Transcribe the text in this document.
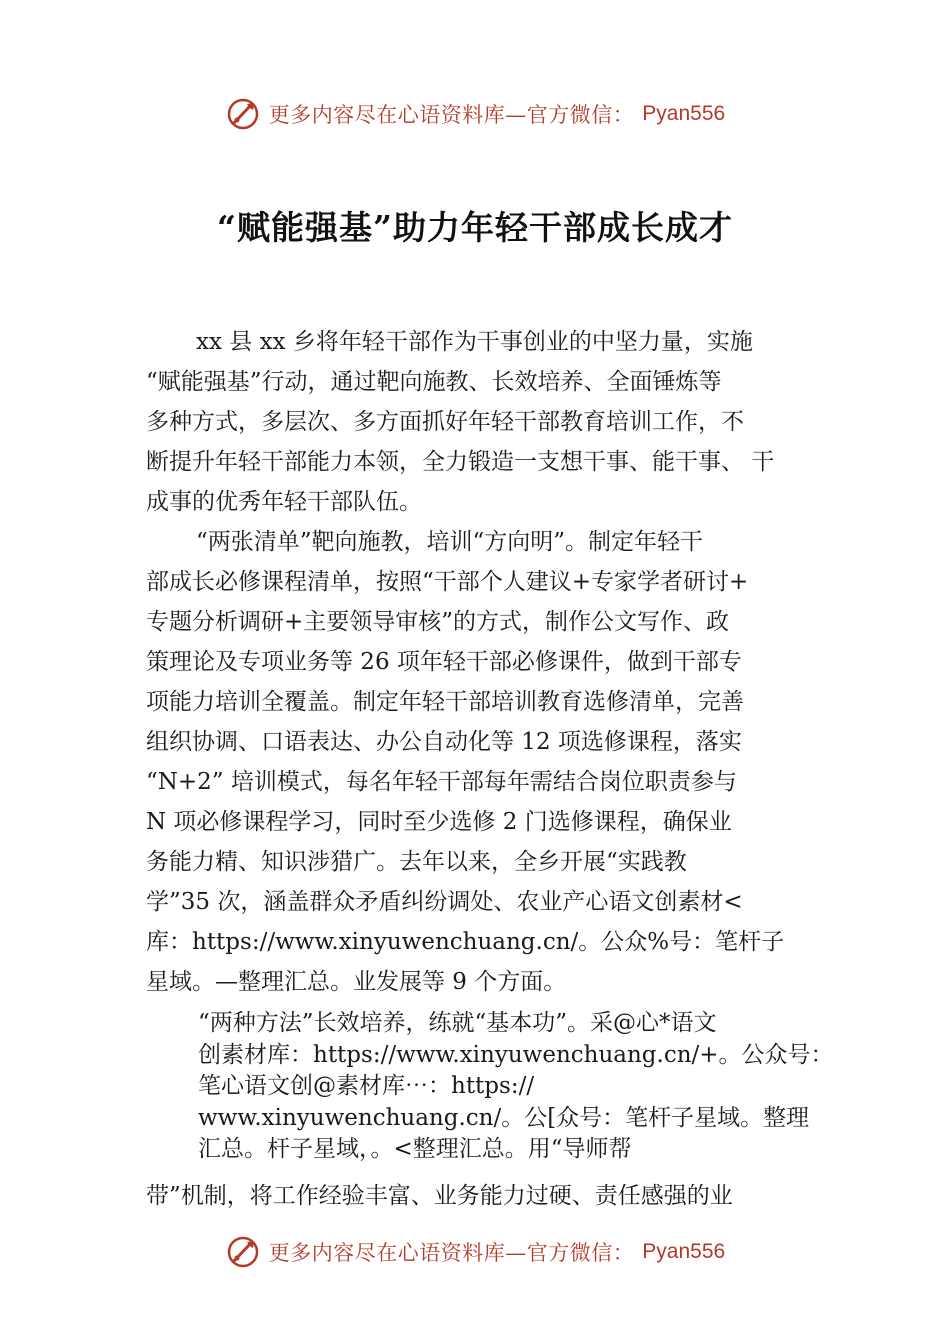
更多内容尽在心语资料库—官方微信： Pyan556
“赋能强基”助力年轻干部成长成才
xx 县 xx 乡将年轻干部作为干事创业的中坚力量，实施
“赋能强基”行动，通过靶向施教、长效培养、全面锤炼等
多种方式，多层次、多方面抓好年轻干部教育培训工作，不
断提升年轻干部能力本领，全力锻造一支想干事、能干事、 干
成事的优秀年轻干部队伍。
“两张清单”靶向施教，培训“方向明”。制定年轻干
部成长必修课程清单，按照“干部个人建议+专家学者研讨+
专题分析调研+主要领导审核”的方式，制作公文写作、政
策理论及专项业务等 26 项年轻干部必修课件，做到干部专
项能力培训全覆盖。制定年轻干部培训教育选修清单，完善
组织协调、口语表达、办公自动化等 12 项选修课程，落实
“N+2” 培训模式，每名年轻干部每年需结合岗位职责参与
N 项必修课程学习，同时至少选修 2 门选修课程，确保业
务能力精、知识涉猎广。去年以来，全乡开展“实践教
学”35 次，涵盖群众矛盾纠纷调处、农业产心语文创素材<
库：https://www.xinyuwenchuang.cn/。公众%号：笔杆子
星域。—整理汇总。业发展等 9 个方面。
“两种方法”长效培养，练就“基本功”。采@心*语文
创素材库：https://www.xinyuwenchuang.cn/+。公众号：
笔心语文创@素材库⋯：https://
www.xinyuwenchuang.cn/。公[众号：笔杆子星域。整理
汇总。杆子星域，。<整理汇总。用“导师帮
带”机制，将工作经验丰富、业务能力过硬、责任感强的业
更多内容尽在心语资料库—官方微信： Pyan556
